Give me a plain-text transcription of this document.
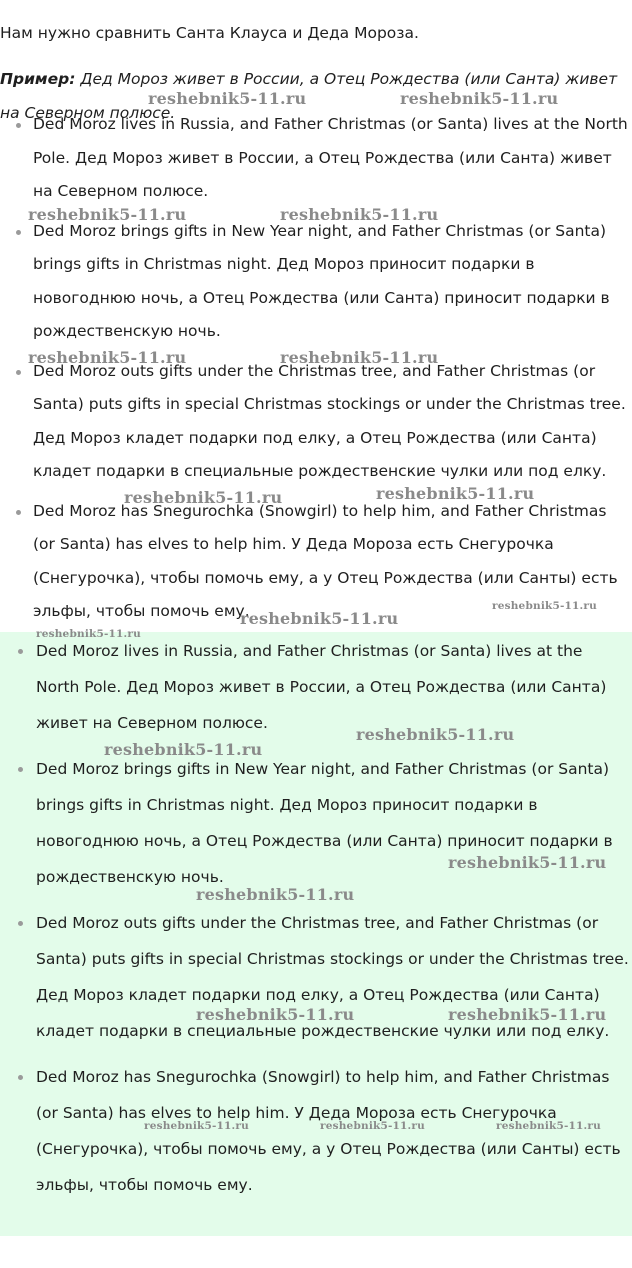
Нам нужно сравнить Санта Клауса и Деда Мороза.

Пример: Дед Мороз живет в России, а Отец Рождества (или Санта) живет на Северном полюсе.

Ded Moroz lives in Russia, and Father Christmas (or Santa) lives at the North Pole. Дед Мороз живет в России, а Отец Рождества (или Санта) живет на Северном полюсе.
Ded Moroz brings gifts in New Year night, and Father Christmas (or Santa) brings gifts in Christmas night. Дед Мороз приносит подарки в новогоднюю ночь, а Отец Рождества (или Санта) приносит подарки в рождественскую ночь.
Ded Moroz outs gifts under the Christmas tree, and Father Christmas (or Santa) puts gifts in special Christmas stockings or under the Christmas tree. Дед Мороз кладет подарки под елку, а Отец Рождества (или Санта) кладет подарки в специальные рождественские чулки или под елку.
Ded Moroz has Snegurochka (Snowgirl) to help him, and Father Christmas (or Santa) has elves to help him. У Деда Мороза есть Снегурочка (Снегурочка), чтобы помочь ему, а у Отец Рождества (или Санты) есть эльфы, чтобы помочь ему.
Ded Moroz lives in Russia, and Father Christmas (or Santa) lives at the North Pole. Дед Мороз живет в России, а Отец Рождества (или Санта) живет на Северном полюсе.
Ded Moroz brings gifts in New Year night, and Father Christmas (or Santa) brings gifts in Christmas night. Дед Мороз приносит подарки в новогоднюю ночь, а Отец Рождества (или Санта) приносит подарки в рождественскую ночь.
Ded Moroz outs gifts under the Christmas tree, and Father Christmas (or Santa) puts gifts in special Christmas stockings or under the Christmas tree. Дед Мороз кладет подарки под елку, а Отец Рождества (или Санта) кладет подарки в специальные рождественские чулки или под елку.
Ded Moroz has Snegurochka (Snowgirl) to help him, and Father Christmas (or Santa) has elves to help him. У Деда Мороза есть Снегурочка (Снегурочка), чтобы помочь ему, а у Отец Рождества (или Санты) есть эльфы, чтобы помочь ему.
reshebnik5-11.ru	reshebnik5-11.ru
reshebnik5-11.ru	reshebnik5-11.ru
reshebnik5-11.ru	reshebnik5-11.ru
reshebnik5-11.ru	reshebnik5-11.ru
reshebnik5-11.ru
reshebnik5-11.ru
reshebnik5-11.ru
reshebnik5-11.ru
reshebnik5-11.ru
reshebnik5-11.ru
reshebnik5-11.ru
reshebnik5-11.ru	reshebnik5-11.ru
reshebnik5-11.ru	reshebnik5-11.ru	reshebnik5-11.ru
